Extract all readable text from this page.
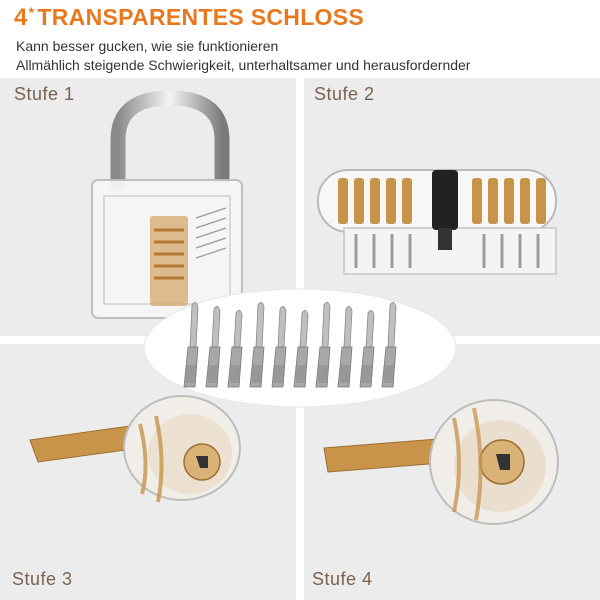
4* TRANSPARENTES SCHLOSS
Kann besser gucken, wie sie funktionieren
Allmählich steigende Schwierigkeit, unterhaltsamer und herausfordernder
Stufe 1	Stufe 2
Stufe 3	Stufe 4
